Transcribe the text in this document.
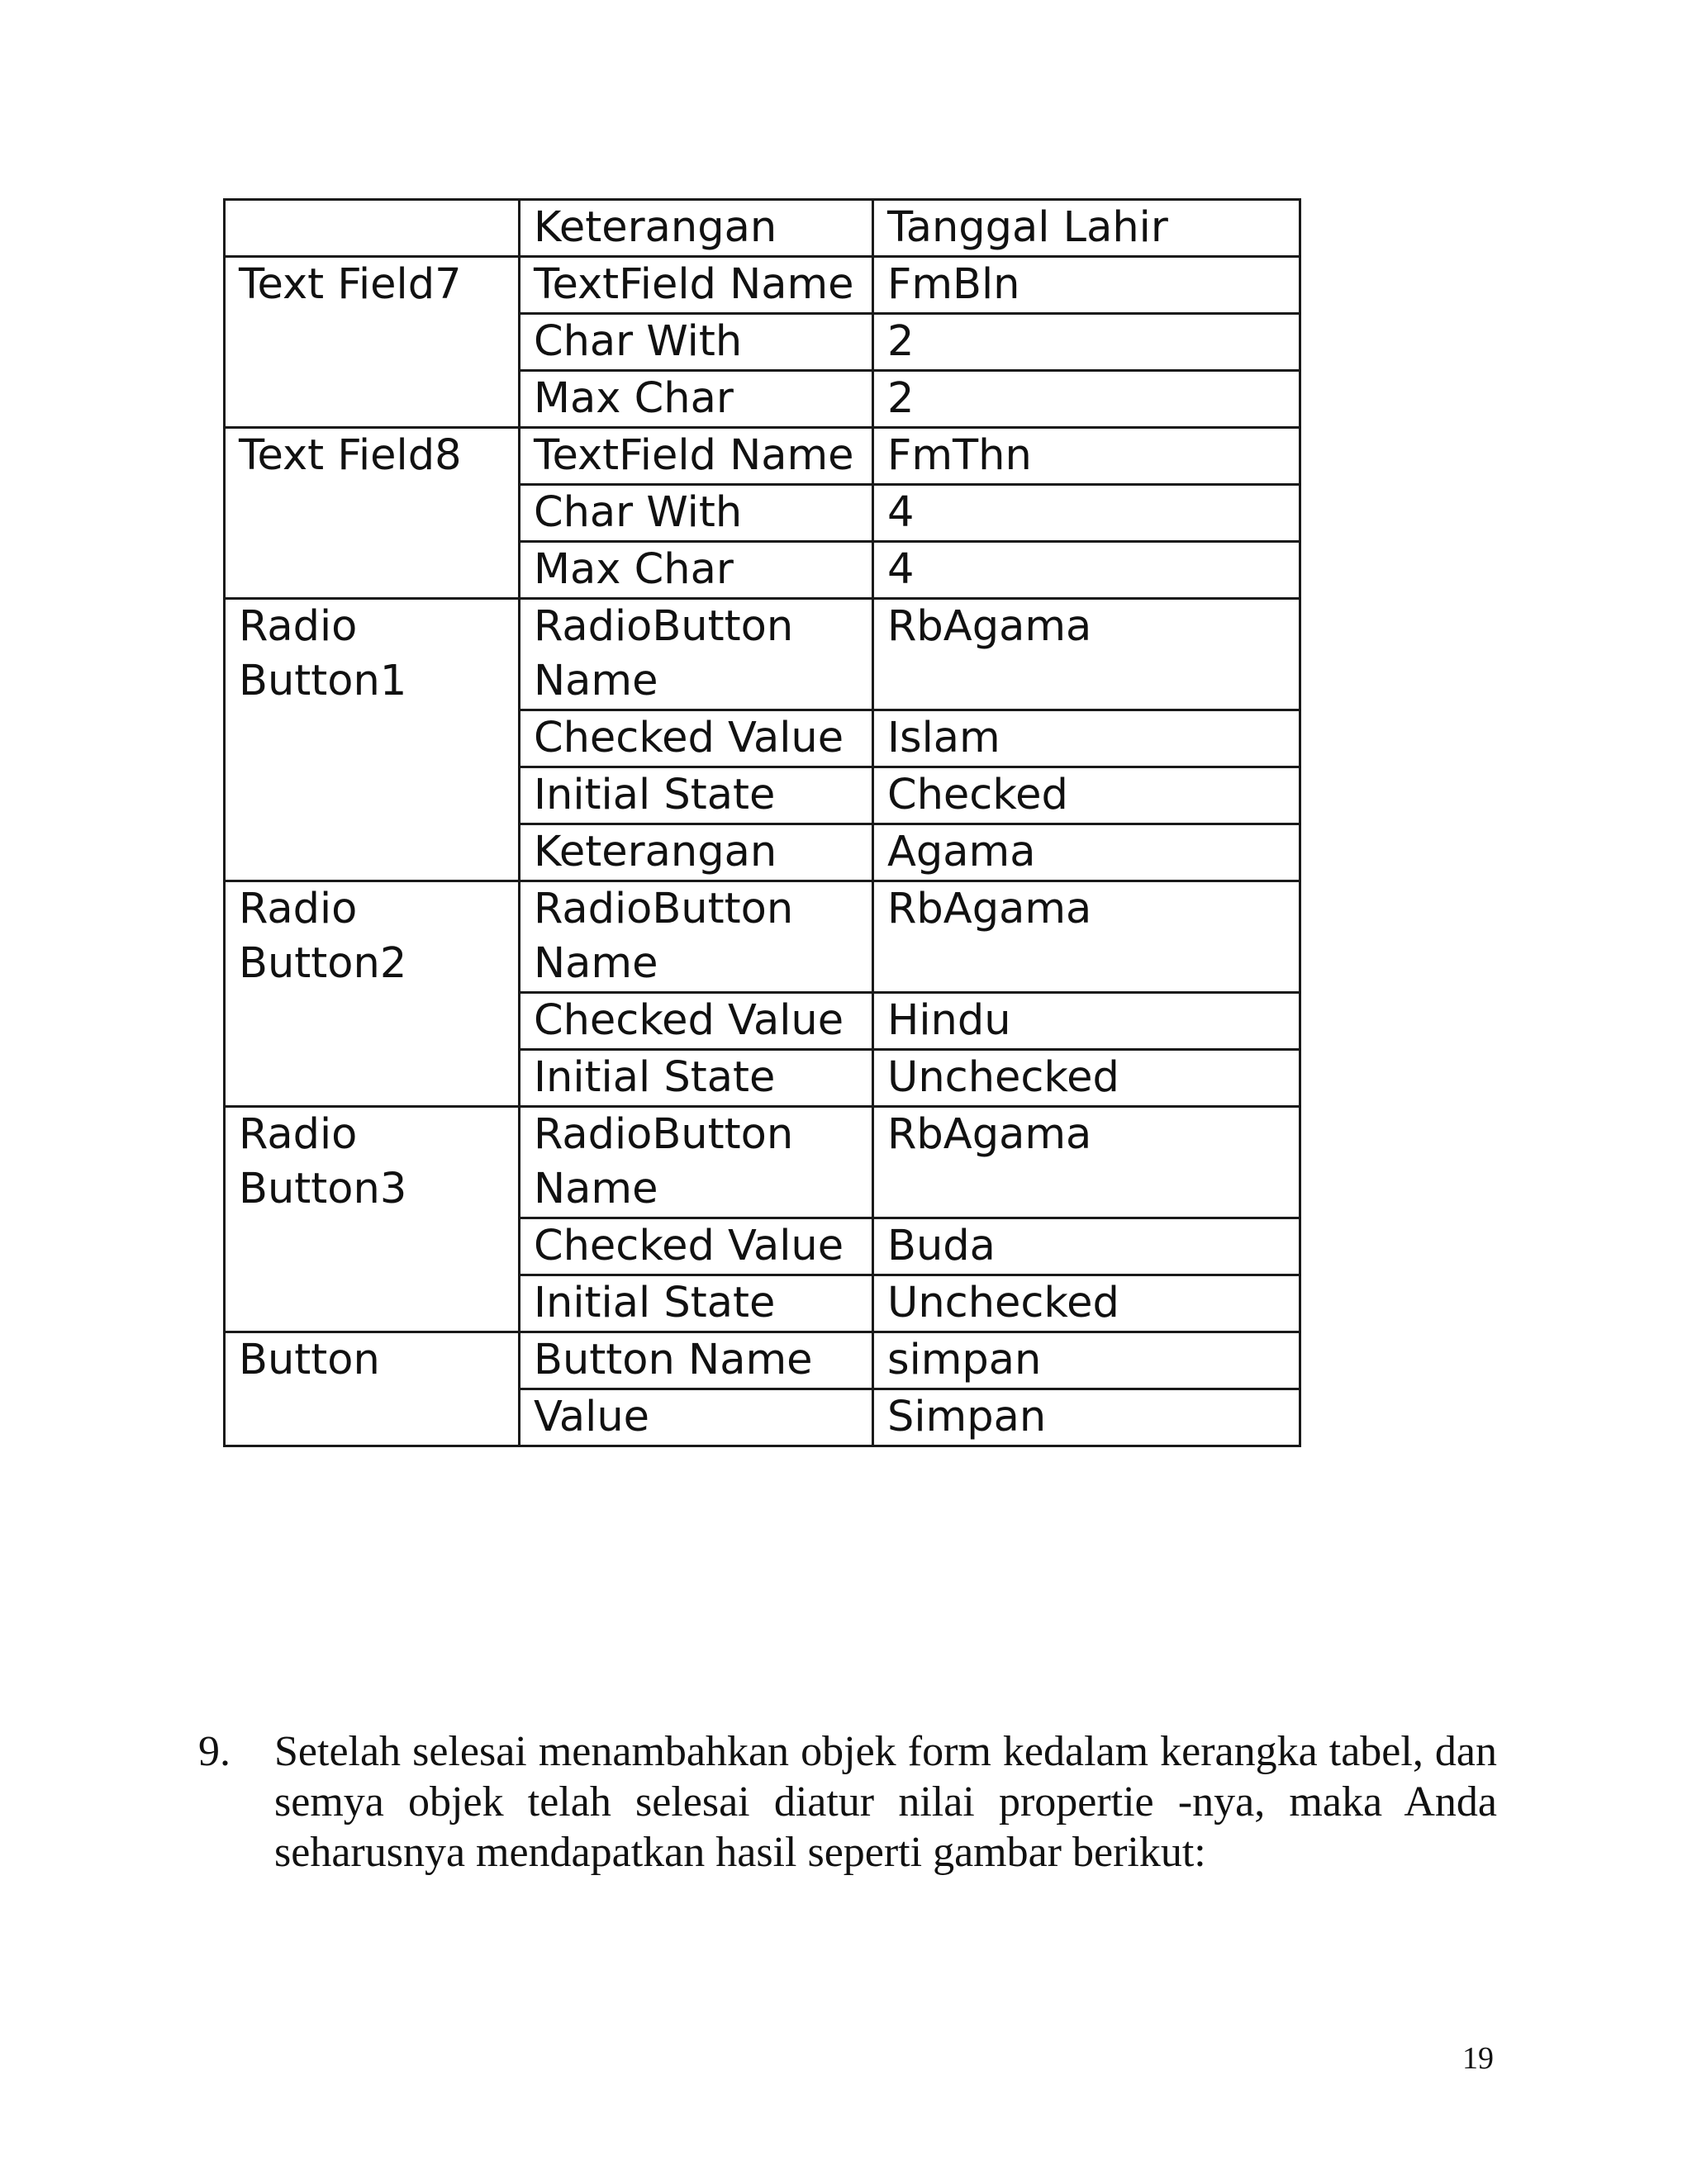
	Keterangan	Tanggal Lahir
Text Field7	TextField Name	FmBln
	Char With	2
	Max Char	2
Text Field8	TextField Name	FmThn
	Char With	4
	Max Char	4
Radio Button1	RadioButton Name	RbAgama
	Checked Value	Islam
	Initial State	Checked
	Keterangan	Agama
Radio Button2	RadioButton Name	RbAgama
	Checked Value	Hindu
	Initial State	Unchecked
Radio Button3	RadioButton Name	RbAgama
	Checked Value	Buda
	Initial State	Unchecked
Button	Button Name	simpan
	Value	Simpan
9. Setelah selesai menambahkan objek form kedalam kerangka tabel, dan semya objek telah selesai diatur nilai propertie -nya, maka Anda seharusnya mendapatkan hasil seperti gambar berikut:
19
